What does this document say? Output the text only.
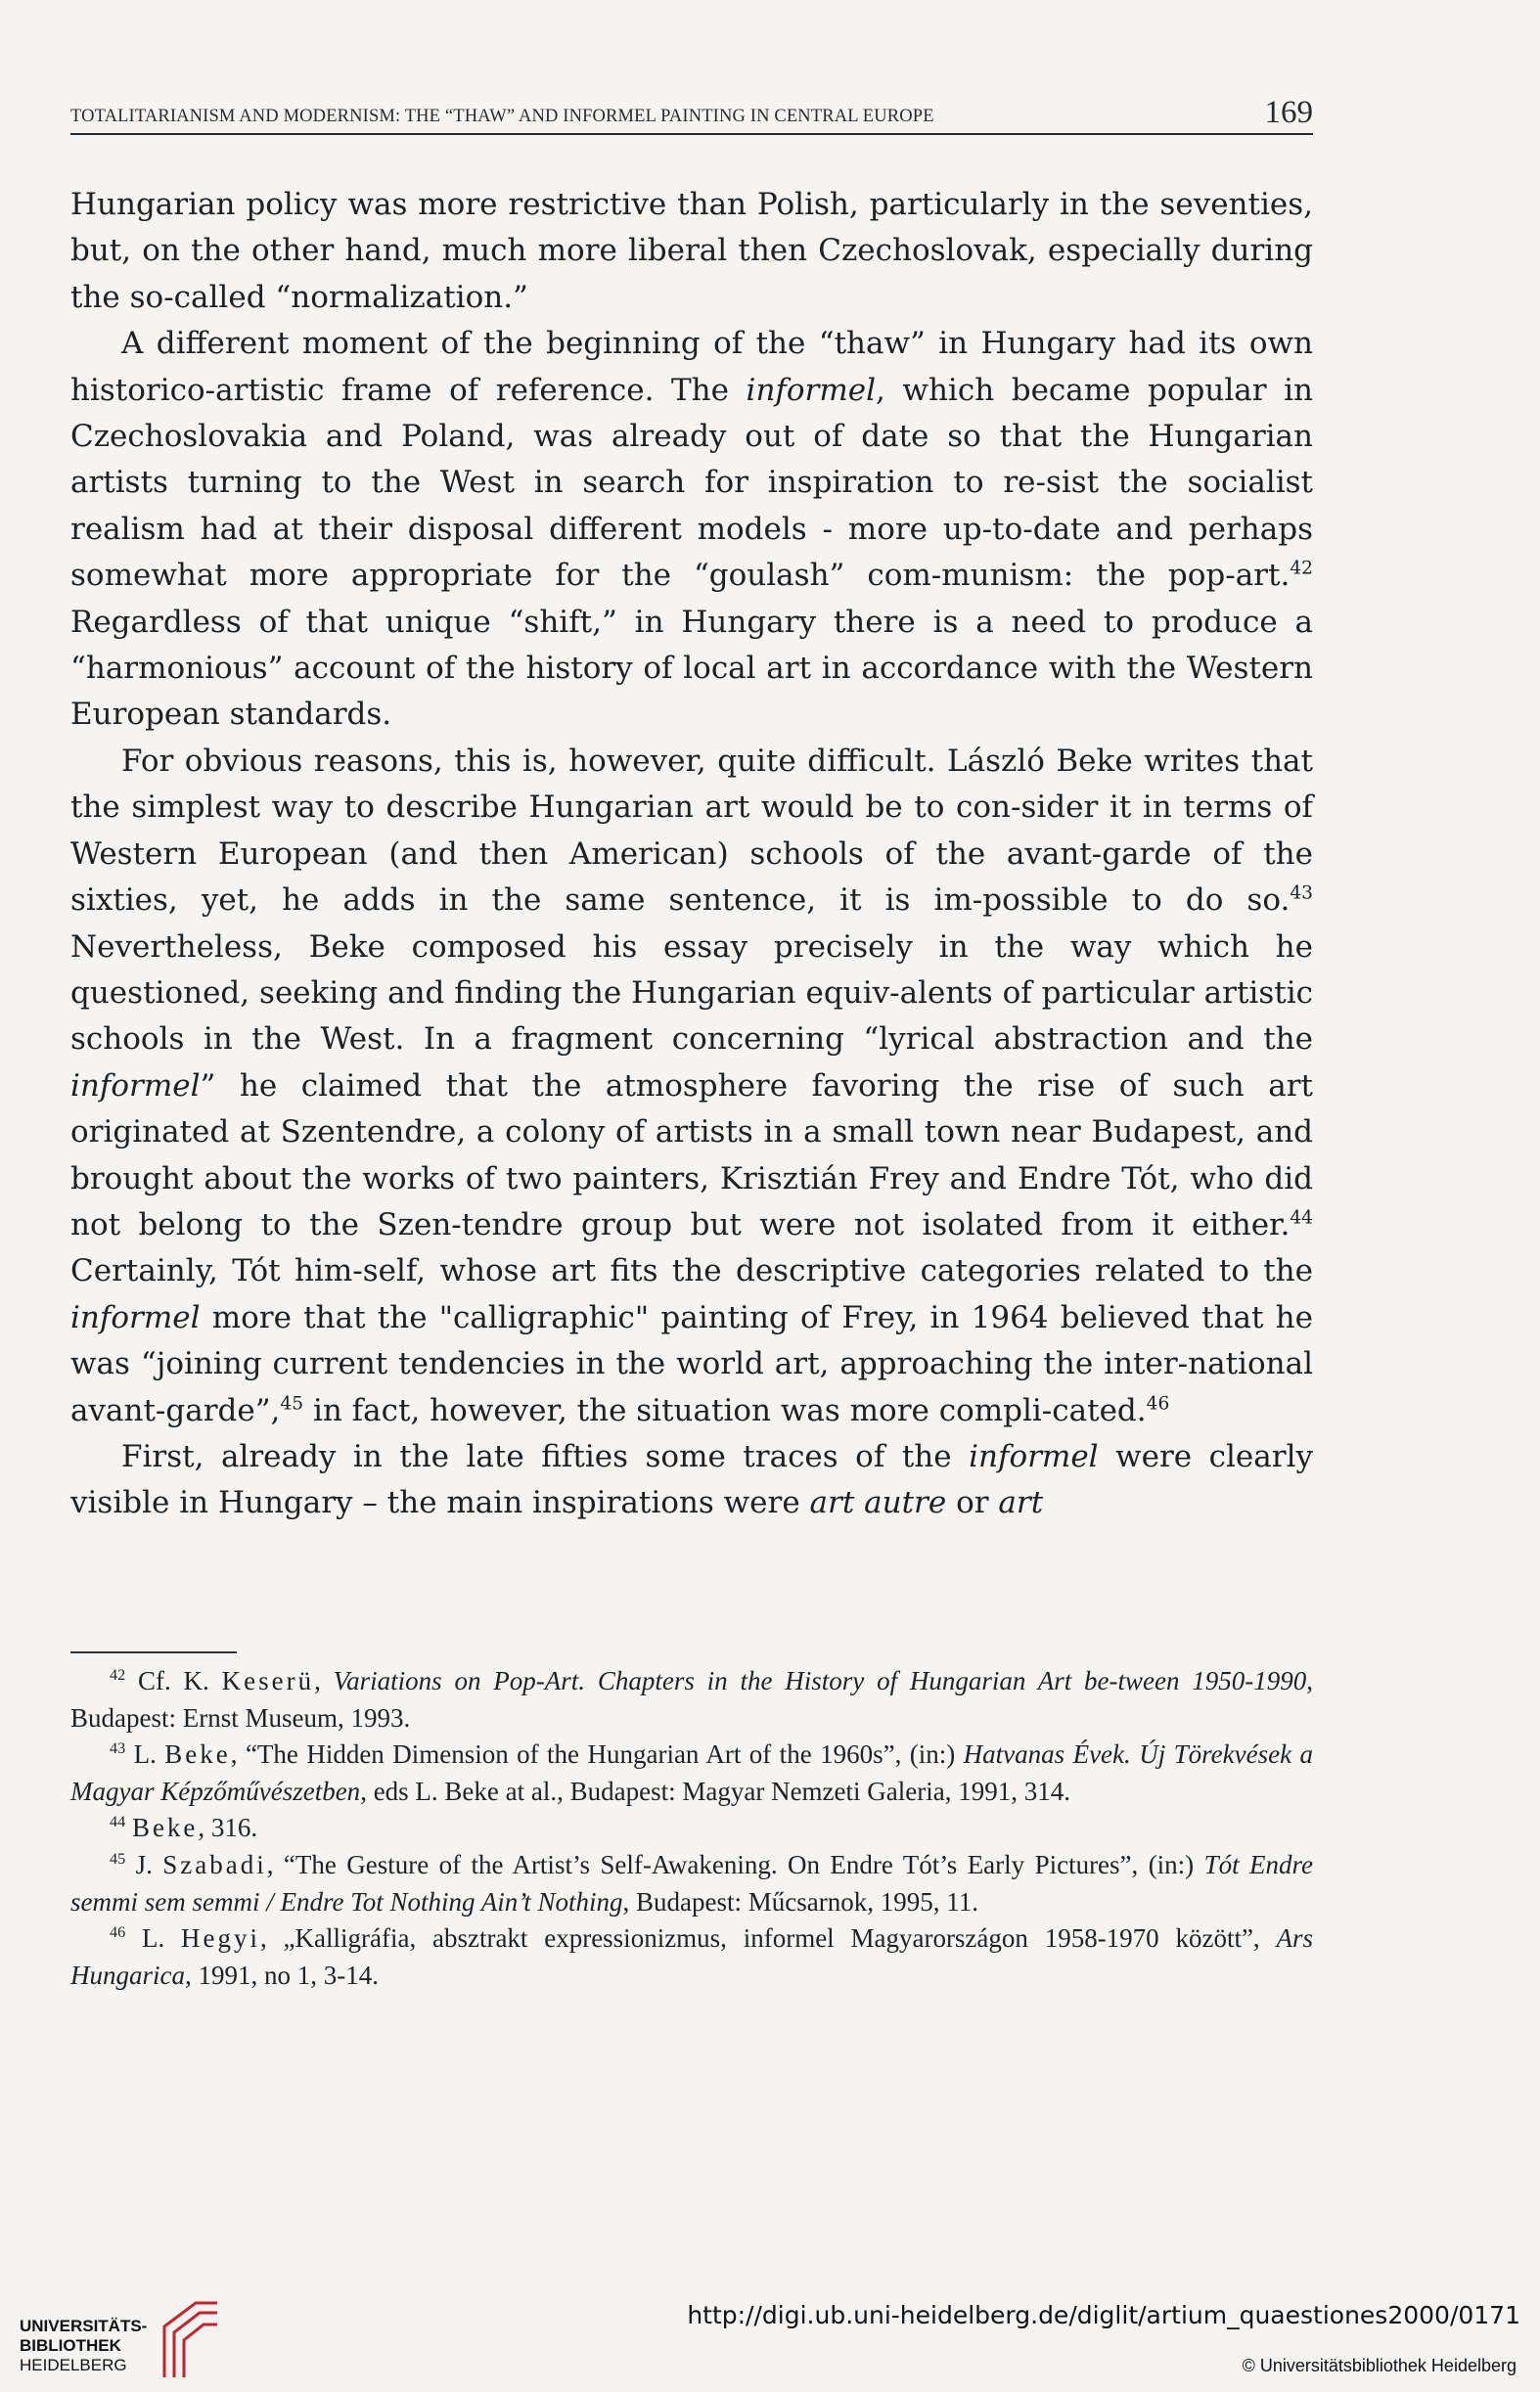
TOTALITARIANISM AND MODERNISM: THE “THAW” AND INFORMEL PAINTING IN CENTRAL EUROPE	169

Hungarian policy was more restrictive than Polish, particularly in the seventies, but, on the other hand, much more liberal then Czechoslovak, especially during the so-called “normalization.”

A different moment of the beginning of the “thaw” in Hungary had its own historico-artistic frame of reference. The informel, which became popular in Czechoslovakia and Poland, was already out of date so that the Hungarian artists turning to the West in search for inspiration to re-sist the socialist realism had at their disposal different models - more up-to-date and perhaps somewhat more appropriate for the “goulash” com-munism: the pop-art.$^{42}$ Regardless of that unique “shift,” in Hungary there is a need to produce a “harmonious” account of the history of local art in accordance with the Western European standards.

For obvious reasons, this is, however, quite difficult. László Beke writes that the simplest way to describe Hungarian art would be to con-sider it in terms of Western European (and then American) schools of the avant-garde of the sixties, yet, he adds in the same sentence, it is im-possible to do so.$^{43}$ Nevertheless, Beke composed his essay precisely in the way which he questioned, seeking and finding the Hungarian equiv-alents of particular artistic schools in the West. In a fragment concerning “lyrical abstraction and the informel” he claimed that the atmosphere favoring the rise of such art originated at Szentendre, a colony of artists in a small town near Budapest, and brought about the works of two painters, Krisztián Frey and Endre Tót, who did not belong to the Szen-tendre group but were not isolated from it either.$^{44}$ Certainly, Tót him-self, whose art fits the descriptive categories related to the informel more that the "calligraphic" painting of Frey, in 1964 believed that he was “joining current tendencies in the world art, approaching the inter-national avant-garde”,$^{45}$ in fact, however, the situation was more compli-cated.$^{46}$

First, already in the late fifties some traces of the informel were clearly visible in Hungary – the main inspirations were art autre or art

$^{42}$ Cf. K. Keserü, Variations on Pop-Art. Chapters in the History of Hungarian Art be-tween 1950-1990, Budapest: Ernst Museum, 1993.

$^{43}$ L. Beke, “The Hidden Dimension of the Hungarian Art of the 1960s”, (in:) Hatvanas Évek. Új Törekvések a Magyar Képzőművészetben, eds L. Beke at al., Budapest: Magyar Nemzeti Galeria, 1991, 314.

$^{44}$ Beke, 316.

$^{45}$ J. Szabadi, “The Gesture of the Artist’s Self-Awakening. On Endre Tót’s Early Pictures”, (in:) Tót Endre semmi sem semmi / Endre Tot Nothing Ain’t Nothing, Budapest: Műcsarnok, 1995, 11.

$^{46}$ L. Hegyi, „Kalligráfia, absztrakt expressionizmus, informel Magyarországon 1958-1970 között”, Ars Hungarica, 1991, no 1, 3-14.

UNIVERSITÄTS-
BIBLIOTHEK
HEIDELBERG
http://digi.ub.uni-heidelberg.de/diglit/artium_quaestiones2000/0171
© Universitätsbibliothek Heidelberg
